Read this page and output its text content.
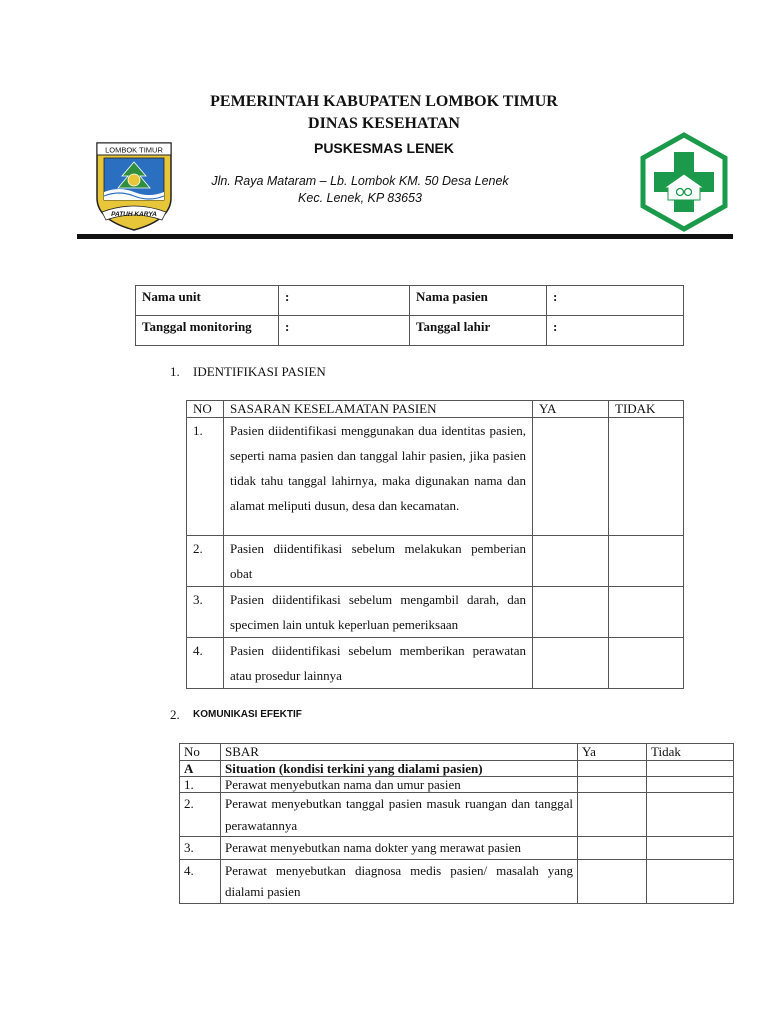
LOMBOK TIMUR
PATUH KARYA
PEMERINTAH KABUPATEN LOMBOK TIMUR
DINAS KESEHATAN
PUSKESMAS LENEK
Jln. Raya Mataram – Lb. Lombok KM. 50 Desa Lenek Kec. Lenek, KP 83653
Nama unit	:	Nama pasien	:
Tanggal monitoring	:	Tanggal lahir	:
1. IDENTIFIKASI PASIEN
NO	SASARAN KESELAMATAN PASIEN	YA	TIDAK
1.	Pasien diidentifikasi menggunakan dua identitas pasien, seperti nama pasien dan tanggal lahir pasien, jika pasien tidak tahu tanggal lahirnya, maka digunakan nama dan alamat meliputi dusun, desa dan kecamatan.		
2.	Pasien diidentifikasi sebelum melakukan pemberian obat		
3.	Pasien diidentifikasi sebelum mengambil darah, dan specimen lain untuk keperluan pemeriksaan		
4.	Pasien diidentifikasi sebelum memberikan perawatan atau prosedur lainnya		
2. KOMUNIKASI EFEKTIF
No	SBAR	Ya	Tidak
A	Situation (kondisi terkini yang dialami pasien)		
1.	Perawat menyebutkan nama dan umur pasien		
2.	Perawat menyebutkan tanggal pasien masuk ruangan dan tanggal perawatannya		
3.	Perawat menyebutkan nama dokter yang merawat pasien		
4.	Perawat menyebutkan diagnosa medis pasien/ masalah yang dialami pasien		
